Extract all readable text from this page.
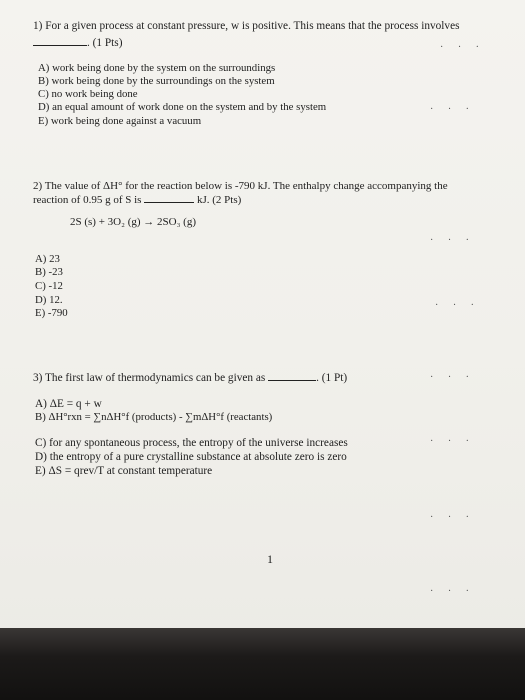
1) For a given process at constant pressure, w is positive. This means that the process involves
. (1 Pts)
A) work being done by the system on the surroundings
B) work being done by the surroundings on the system
C) no work being done
D) an equal amount of work done on the system and by the system
E) work being done against a vacuum
2) The value of ΔH° for the reaction below is -790 kJ. The enthalpy change accompanying the
reaction of 0.95 g of S is	kJ. (2 Pts)
2S (s) + 3O₂ (g) → 2SO₃ (g)
A) 23
B) -23
C) -12
D) 12.
E) -790
3) The first law of thermodynamics can be given as	. (1 Pt)
A) ΔE = q + w
B) ΔH°rxn = ∑nΔH°f (products) - ∑mΔH°f (reactants)
C) for any spontaneous process, the entropy of the universe increases
D) the entropy of a pure crystalline substance at absolute zero is zero
E) ΔS = qrev/T at constant temperature
1
· · ·
· · ·
· · ·
· · ·
· · ·
· · ·
· · ·
· · ·
